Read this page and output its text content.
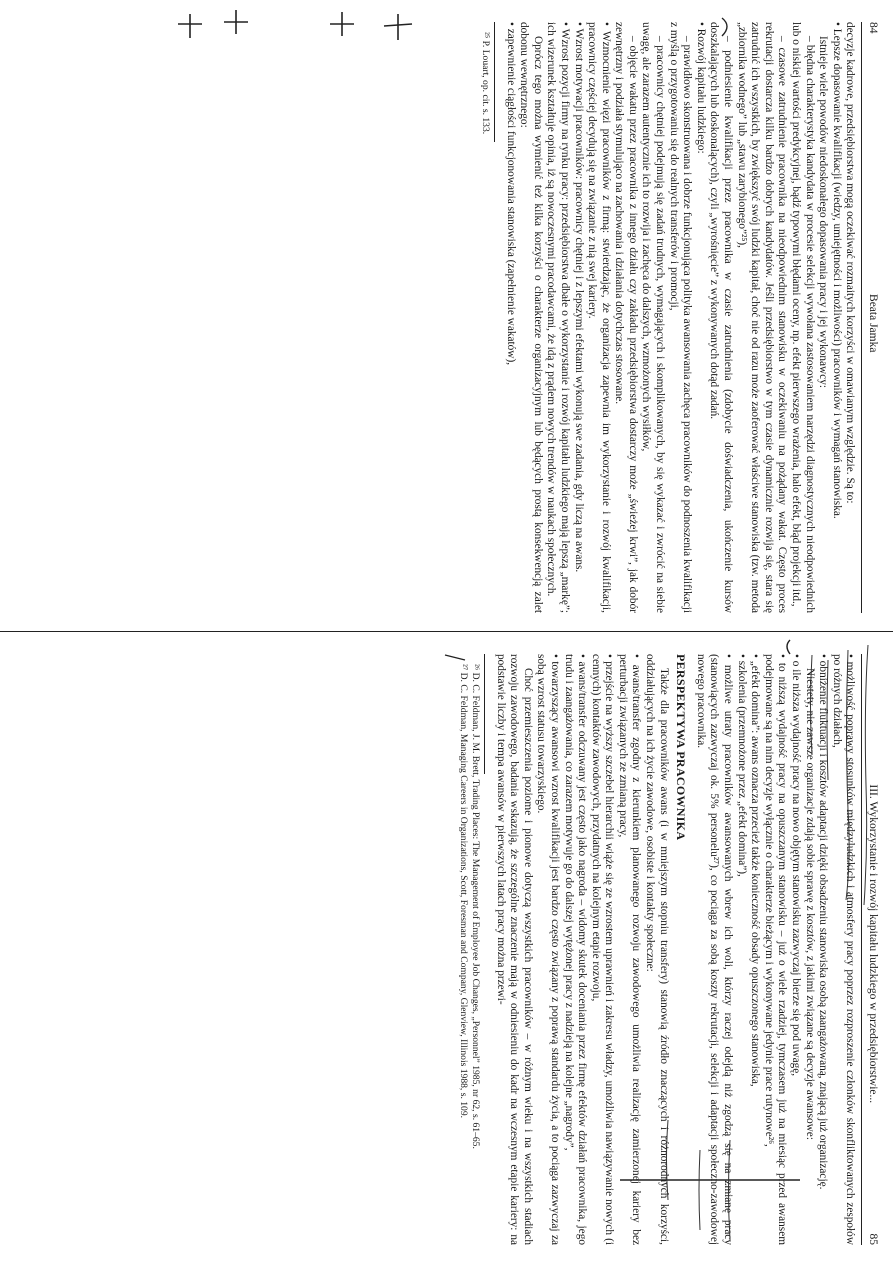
84
Beata Jamka

decyzje kadrowe, przedsiębiorstwa mogą oczekiwać rozmaitych korzyści w omawianym względzie. Są to:

• Lepsze dopasowanie kwalifikacji (wiedzy, umiejętności i możliwości) pracowników i wymagań stanowiska.

Istnieje wiele powodów niedoskonałego dopasowania pracy i jej wykonawcy:

– błędna charakterystyka kandydata w procesie selekcji wywołana zastosowaniem narzędzi diagnostycznych nieodpowiednich lub o niskiej wartości predykcyjnej, bądź typowymi błędami oceny, np. efekt pierwszego wrażenia, halo efekt, błąd projekcji itd.,

– czasowe zatrudnienie pracownika na nieodpowiednim stanowisku w oczekiwaniu na pożądany wakat. Często proces rekrutacji dostarcza kilku bardzo dobrych kandydatów. Jeśli przedsiębiorstwo w tym czasie dynamicznie rozwija się, stara się zatrudnić ich wszystkich, by zwiększyć swój ludzki kapitał, choć nie od razu może zaoferować właściwe stanowiska (tzw. metoda „zbiornika wodnego” lub „stawu zarybionego”²⁵),

– podniesienie kwalifikacji przez pracownika w czasie zatrudnienia (zdobycie doświadczenia, ukończenie kursów doszkalających lub doskonalących), czyli „wyrośnięcie” z wykonywanych dotąd zadań.

• Rozwój kapitału ludzkiego:

– prawidłowo skonstruowana i dobrze funkcjonująca polityka awansowania zachęca pracowników do podnoszenia kwalifikacji z myślą o przygotowaniu się do realnych transferów i promocji,

– pracownicy chętniej podejmują się zadań trudnych, wymagających i skomplikowanych, by się wykazać i zwrócić na siebie uwagę, ale zarazem autentycznie ich to rozwija i zachęca do dalszych, wzmożonych wysiłków,

– objęcie wakatu przez pracownika z innego działu czy zakładu przedsiębiorstwa dostarczy może „świeżej krwi”, jak dobór zewnętrzny i podziała stymulująco na zachowania i działania dotychczas stosowane.

• Wzmocnienie więzi pracowników z firmą: stwierdzając, że organizacja zapewnia im wykorzystanie i rozwój kwalifikacji, pracownicy częściej decydują się na związanie z nią swej kariery.

• Wzrost motywacji pracowników: pracownicy chętniej i z lepszymi efektami wykonują swe zadania, gdy liczą na awans.

• Wzrost pozycji firmy na rynku pracy: przedsiębiorstwa dbałe o wykorzystanie i rozwój kapitału ludzkiego mają lepszą „markę”; ich wizerunek kształtuje opinia, iż są nowoczesnymi pracodawcami, że idą z prądem nowych trendów w naukach społecznych.

Oprócz tego można wymienić też kilka korzyści o charakterze organizacyjnym lub będących prostą konsekwencją zalet dobonu wewnętrznego:

• zapewnienie ciągłości funkcjonowania stanowiska (zapełnienie wakatów),

²⁵ P. Louart, op. cit. s. 133.

III. Wykorzystanie i rozwój kapitału ludzkiego w przedsiębiorstwie...
85

• możliwość poprawy stosunków międzyludzkich i atmosfery pracy poprzez rozproszenie członków skonfliktowanych zespołów po różnych działach,

• obniżenie fluktuacji i kosztów adaptacji dzięki obsadzeniu stanowiska osobą zaangażowaną, znającą już organizację.

Niestety, nie zawsze organizacje zdają sobie sprawę z kosztów, z jakimi związane są decyzje awansowe:

• o ile niższa wydajność pracy na nowo objętym stanowisku zazwyczaj bierze się pod uwagę,

• to niższą wydajność pracy na opuszczanym stanowisku – już o wiele rzadziej, tymczasem już na miesiąc przed awansem podejmowane są na nim decyzje wyłącznie o charakterze bieżącym i wykonywane jedynie prace rutynowe²⁶,

• „efekt domina”: awans oznacza przecież także konieczność obsady opuszczonego stanowiska,

• szkolenia (przemnożone przez „efekt domina”),

• możliwe utraty pracowników awansowanych wbrew ich woli, którzy raczej odejdą niż zgodzą się na zmianę pracy (stanowiących zazwyczaj ok. 5% personelu²⁷), co pociąga za sobą koszty rekrutacji, selekcji i adaptacji społeczno-zawodowej nowego pracownika.

PERSPEKTYWA PRACOWNIKA

Także dla pracowników awans (i w mniejszym stopniu transfery) stanowią źródło znaczących i różnorodnych korzyści, oddziałujących na ich życie zawodowe, osobiste i kontakty społeczne:

• awans/transfer zgodny z kierunkiem planowanego rozwoju zawodowego umożliwia realizację zamierzonej kariery bez perturbacji związanych ze zmianą pracy,

• przejście na wyższy szczebel hierarchii wiąże się ze wzrostem uprawnień i zakresu władzy, umożliwia nawiązywanie nowych (i cennych) kontaktów zawodowych, przydatnych na kolejnym etapie rozwoju,

• awans/transfer odczuwany jest często jako nagroda – widomy skutek doceniania przez firmę efektów działań pracownika, jego trudu i zaangażowania, co zarazem motywuje go do dalszej wytężonej pracy z nadzieją na kolejne „nagrody”,

• towarzyszący awansowi wzrost kwalifikacji jest bardzo często związany z poprawą standardu życia, a to pociąga zazwyczaj za sobą wzrost statusu towarzyskiego.

Choć przemieszczenia poziome i pionowe dotyczą wszystkich pracowników – w różnym wieku i na wszystkich stadiach rozwoju zawodowego, badania wskazują, że szczególne znaczenie mają w odniesieniu do kadr na wczesnym etapie kariery: na podstawie liczby i tempa awansów w pierwszych latach pracy można przewi-

²⁶ D. C. Feldman, J. M. Brett, Trading Places: The Management of Employee Job Changes, „Personnel” 1985, nr 62, s. 61–65.

²⁷ D. C. Feldman, Managing Careers in Organizations, Scott, Foresman and Company, Glenview, Illinois 1988, s. 109.
